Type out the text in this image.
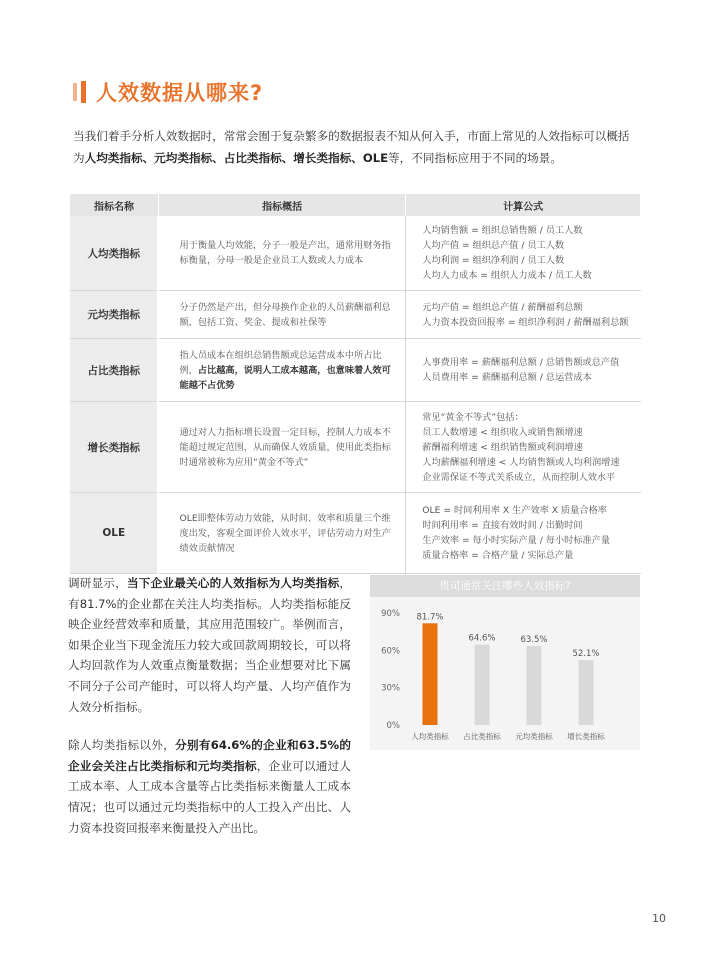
人效数据从哪来?
当我们着手分析人效数据时，常常会囿于复杂繁多的数据报表不知从何入手，市面上常见的人效指标可以概括为人均类指标、元均类指标、占比类指标、增长类指标、OLE等，不同指标应用于不同的场景。
指标名称	指标概括	计算公式
人均类指标	用于衡量人均效能，分子一般是产出，通常用财务指标衡量，分母一般是企业员工人数或人力成本	人均销售额 = 组织总销售额 / 员工人数
人均产值 = 组织总产值 / 员工人数
人均利润 = 组织净利润 / 员工人数
人均人力成本 = 组织人力成本 / 员工人数

元均类指标	分子仍然是产出，但分母换作企业的人员薪酬福利总额，包括工资、奖金、提成和社保等	元均产值 = 组织总产值 / 薪酬福利总额
人力资本投资回报率 = 组织净利润 / 薪酬福利总额

占比类指标	指人员成本在组织总销售额或总运营成本中所占比例，占比越高，说明人工成本越高，也意味着人效可能越不占优势	人事费用率 = 薪酬福利总额 / 总销售额或总产值
人员费用率 = 薪酬福利总额 / 总运营成本

增长类指标	通过对人力指标增长设置一定目标，控制人力成本不能超过规定范围，从而确保人效质量，使用此类指标时通常被称为应用“黄金不等式”	常见“黄金不等式”包括：
员工人数增速 < 组织收入或销售额增速
薪酬福利增速 < 组织销售额或利润增速
人均薪酬福利增速 < 人均销售额或人均利润增速
企业需保证不等式关系成立，从而控制人效水平

OLE	OLE即整体劳动力效能，从时间、效率和质量三个维度出发，客观全面评价人效水平，评估劳动力对生产绩效贡献情况	OLE = 时间利用率 X 生产效率 X 质量合格率
时间利用率 = 直接有效时间 / 出勤时间
生产效率 = 每小时实际产量 / 每小时标准产量
质量合格率 = 合格产量 / 实际总产量

调研显示，当下企业最关心的人效指标为人均类指标，有81.7%的企业都在关注人均类指标。人均类指标能反映企业经营效率和质量，其应用范围较广。举例而言，如果企业当下现金流压力较大或回款周期较长，可以将人均回款作为人效重点衡量数据；当企业想要对比下属不同分子公司产能时，可以将人均产量、人均产值作为人效分析指标。

除人均类指标以外，分别有64.6%的企业和63.5%的企业会关注占比类指标和元均类指标，企业可以通过人工成本率、人工成本含量等占比类指标来衡量人工成本情况；也可以通过元均类指标中的人工投入产出比、人力资本投资回报率来衡量投入产出比。

贵司通常关注哪些人效指标?
0%
30%
60%
90% 81.7%
人均类指标
64.6%
占比类指标
63.5%
元均类指标
52.1%
增长类指标
10
